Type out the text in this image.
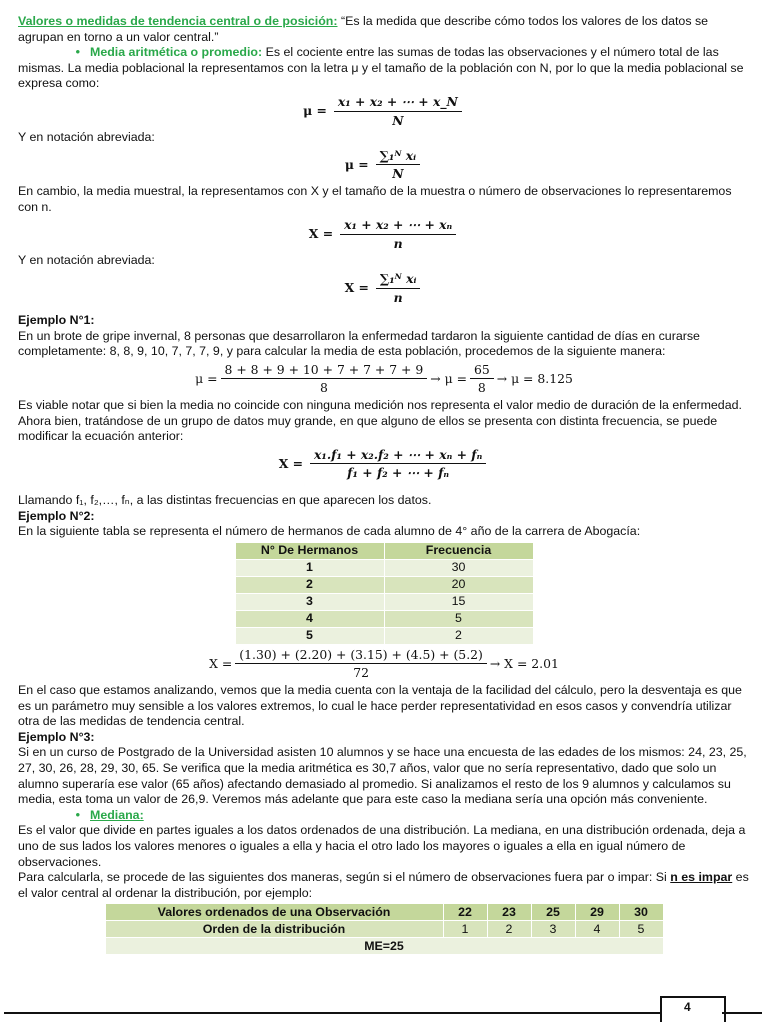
Valores o medidas de tendencia central o de posición: “Es la medida que describe cómo todos los valores de los datos se agrupan en torno a un valor central.”

• Media aritmética o promedio: Es el cociente entre las sumas de todas las observaciones y el número total de las mismas. La media poblacional la representamos con la letra μ y el tamaño de la población con N, por lo que la media poblacional se expresa como:

$\mu = \frac{\text{x₁ + x₂ + ⋯ + x\_N}}{N}$

Y en notación abreviada:

$\mu = \frac{\text{∑₁ᴺ xᵢ}}{N}$

En cambio, la media muestral, la representamos con X y el tamaño de la muestra o número de observaciones lo representaremos con n.

$X = \frac{\text{x₁ + x₂ + ⋯ + xₙ}}{n}$

Y en notación abreviada:

$X = \frac{\text{∑₁ᴺ xᵢ}}{n}$

Ejemplo N°1:

En un brote de gripe invernal, 8 personas que desarrollaron la enfermedad tardaron la siguiente cantidad de días en curarse completamente: 8, 8, 9, 10, 7, 7, 7, 9, y para calcular la media de esta población, procedemos de la siguiente manera:

$\mu = \frac{8 + 8 + 9 + 10 + 7 + 7 + 7 + 9}{8} \to \mu = \frac{65}{8} \to \mu = 8.125$

Es viable notar que si bien la media no coincide con ninguna medición nos representa el valor medio de duración de la enfermedad.

Ahora bien, tratándose de un grupo de datos muy grande, en que alguno de ellos se presenta con distinta frecuencia, se puede modificar la ecuación anterior:

$X = \frac{\text{x₁.f₁ + x₂.f₂ + ⋯ + xₙ + fₙ}}{\text{f₁ + f₂ + ⋯ + fₙ}}$

Llamando f₁, f₂,…, fₙ, a las distintas frecuencias en que aparecen los datos.

Ejemplo N°2:

En la siguiente tabla se representa el número de hermanos de cada alumno de 4° año de la carrera de Abogacía:

N° De Hermanos	Frecuencia
1	30
2	20
3	15
4	5
5	2
$X = \frac{(1.30) + (2.20) + (3.15) + (4.5) + (5.2)}{72} \to X = 2.01$

En el caso que estamos analizando, vemos que la media cuenta con la ventaja de la facilidad del cálculo, pero la desventaja es que es un parámetro muy sensible a los valores extremos, lo cual le hace perder representatividad en esos casos y convendría utilizar otra de las medidas de tendencia central.

Ejemplo N°3:

Si en un curso de Postgrado de la Universidad asisten 10 alumnos y se hace una encuesta de las edades de los mismos: 24, 23, 25, 27, 30, 26, 28, 29, 30, 65. Se verifica que la media aritmética es 30,7 años, valor que no sería representativo, dado que solo un alumno superaría ese valor (65 años) afectando demasiado al promedio. Si analizamos el resto de los 9 alumnos y calculamos su media, esta toma un valor de 26,9. Veremos más adelante que para este caso la mediana sería una opción más conveniente.

• Mediana:

Es el valor que divide en partes iguales a los datos ordenados de una distribución. La mediana, en una distribución ordenada, deja a uno de sus lados los valores menores o iguales a ella y hacia el otro lado los mayores o iguales a ella en igual número de observaciones.

Para calcularla, se procede de las siguientes dos maneras, según si el número de observaciones fuera par o impar: Si n es impar es el valor central al ordenar la distribución, por ejemplo:

Valores ordenados de una Observación	22	23	25	29	30
Orden de la distribución	1	2	3	4	5
ME=25					
4
